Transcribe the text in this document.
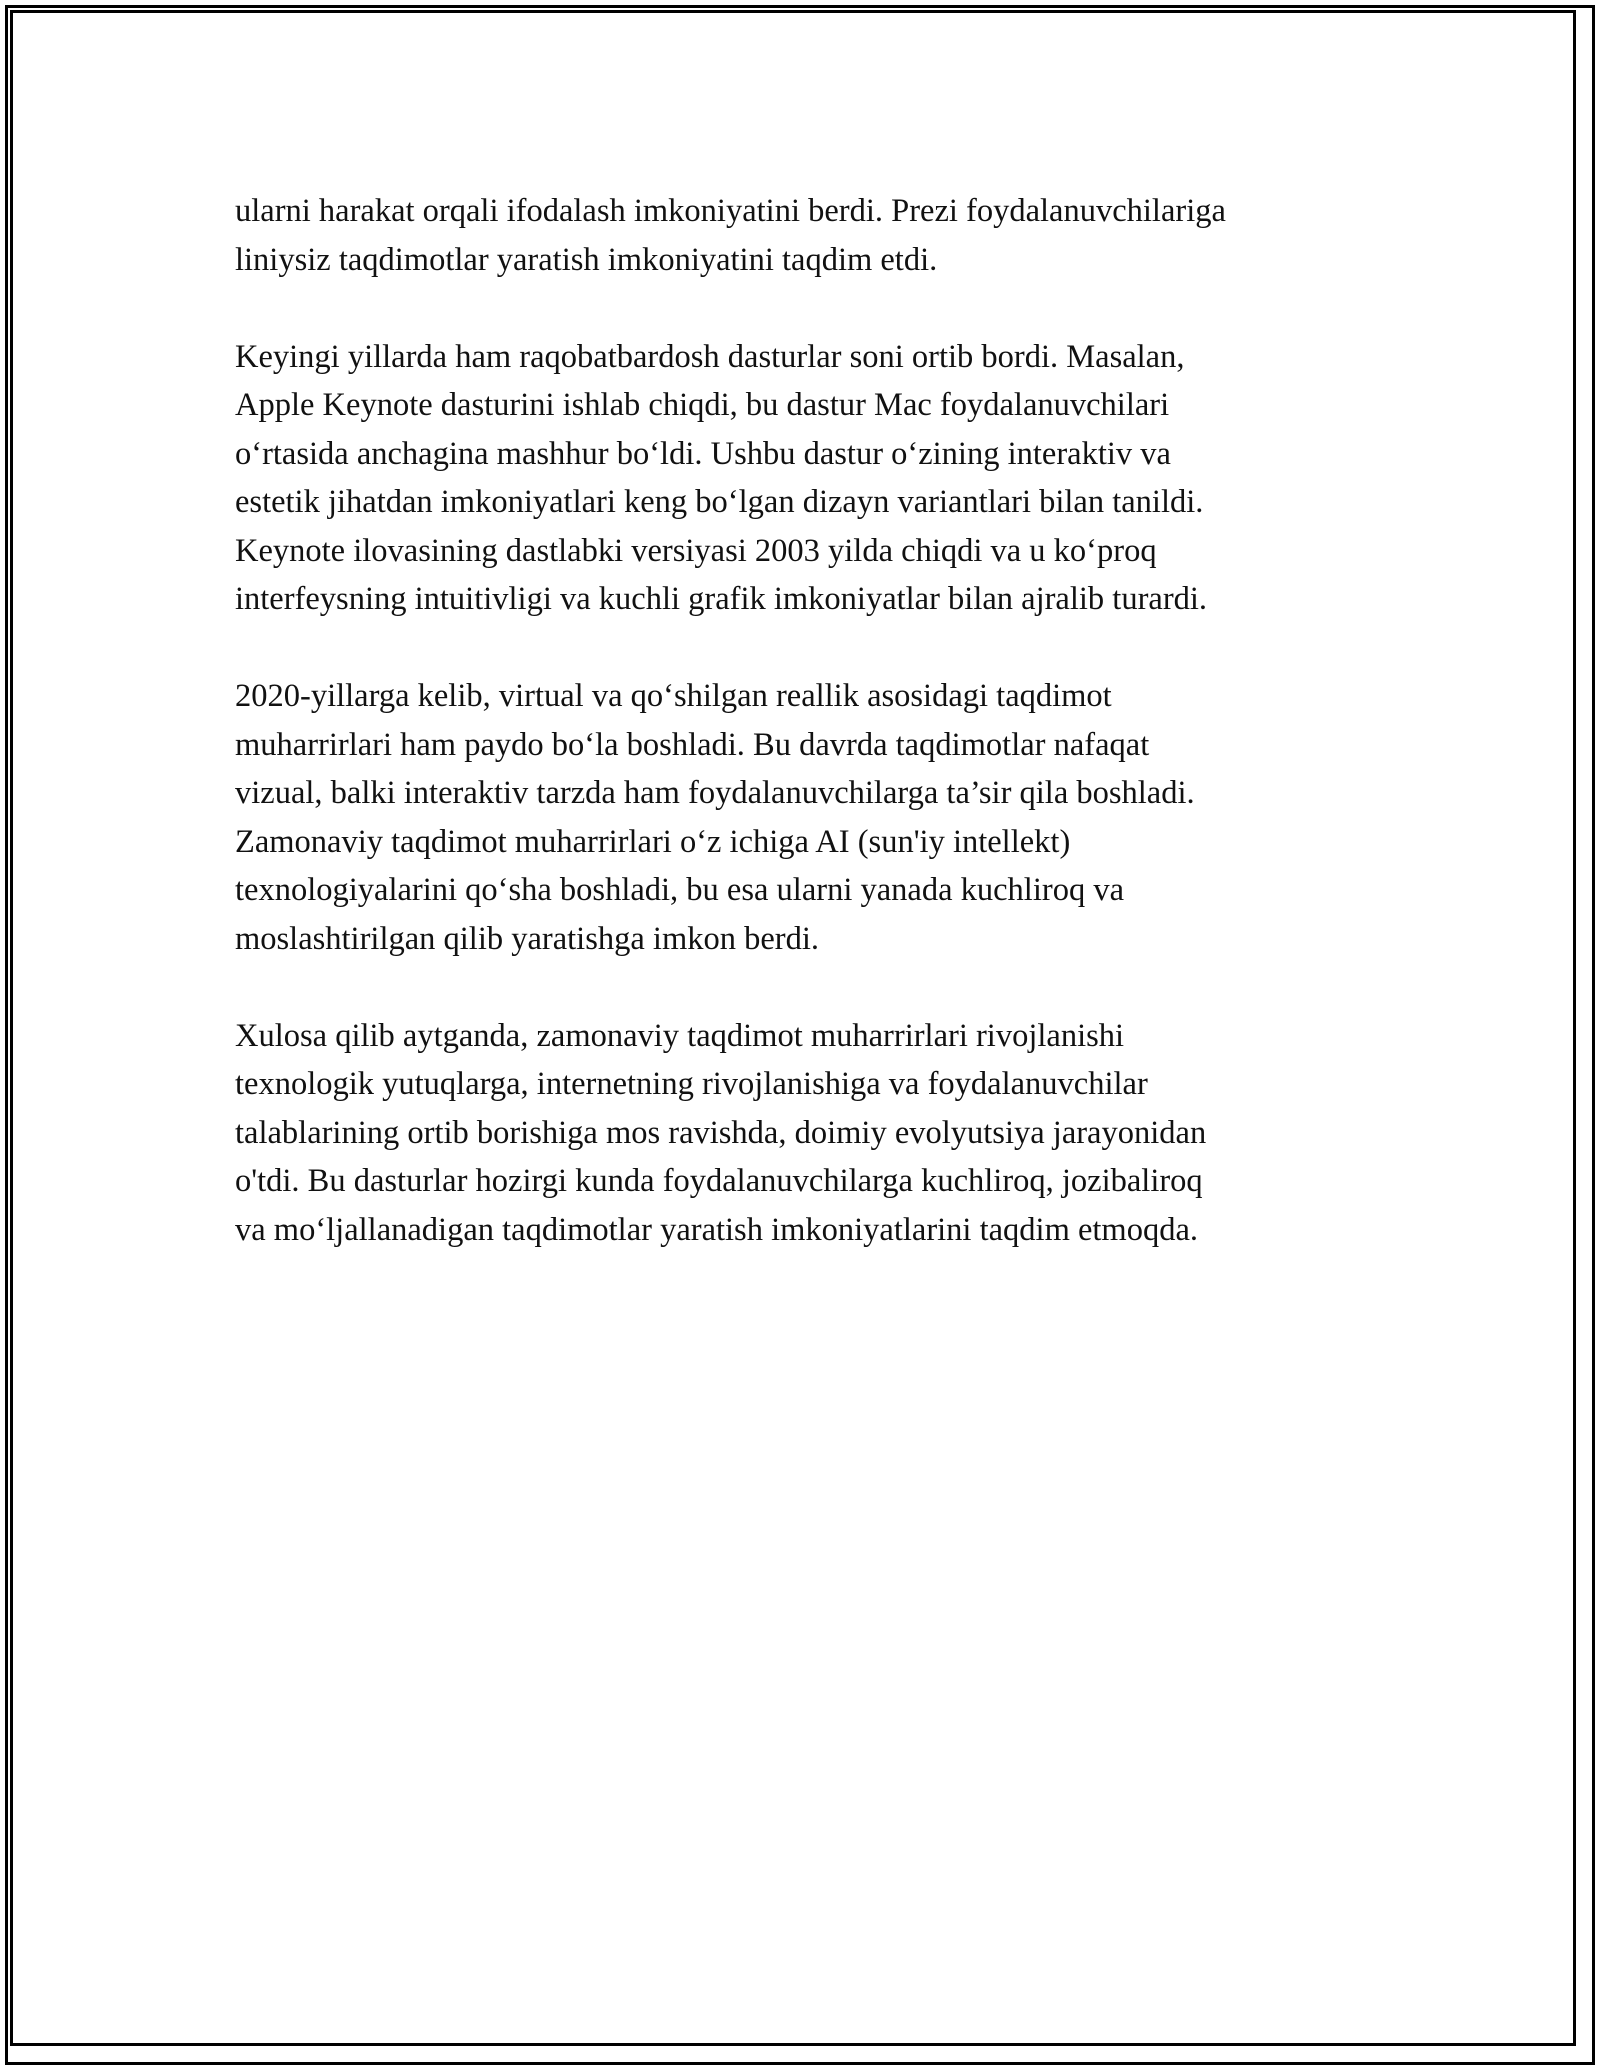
ularni harakat orqali ifodalash imkoniyatini berdi. Prezi foydalanuvchilariga
liniysiz taqdimotlar yaratish imkoniyatini taqdim etdi.

Keyingi yillarda ham raqobatbardosh dasturlar soni ortib bordi. Masalan,
Apple Keynote dasturini ishlab chiqdi, bu dastur Mac foydalanuvchilari
o‘rtasida anchagina mashhur bo‘ldi. Ushbu dastur o‘zining interaktiv va
estetik jihatdan imkoniyatlari keng bo‘lgan dizayn variantlari bilan tanildi.
Keynote ilovasining dastlabki versiyasi 2003 yilda chiqdi va u ko‘proq
interfeysning intuitivligi va kuchli grafik imkoniyatlar bilan ajralib turardi.

2020-yillarga kelib, virtual va qo‘shilgan reallik asosidagi taqdimot
muharrirlari ham paydo bo‘la boshladi. Bu davrda taqdimotlar nafaqat
vizual, balki interaktiv tarzda ham foydalanuvchilarga ta’sir qila boshladi.
Zamonaviy taqdimot muharrirlari o‘z ichiga AI (sun'iy intellekt)
texnologiyalarini qo‘sha boshladi, bu esa ularni yanada kuchliroq va
moslashtirilgan qilib yaratishga imkon berdi.

Xulosa qilib aytganda, zamonaviy taqdimot muharrirlari rivojlanishi
texnologik yutuqlarga, internetning rivojlanishiga va foydalanuvchilar
talablarining ortib borishiga mos ravishda, doimiy evolyutsiya jarayonidan
o'tdi. Bu dasturlar hozirgi kunda foydalanuvchilarga kuchliroq, jozibaliroq
va mo‘ljallanadigan taqdimotlar yaratish imkoniyatlarini taqdim etmoqda.
